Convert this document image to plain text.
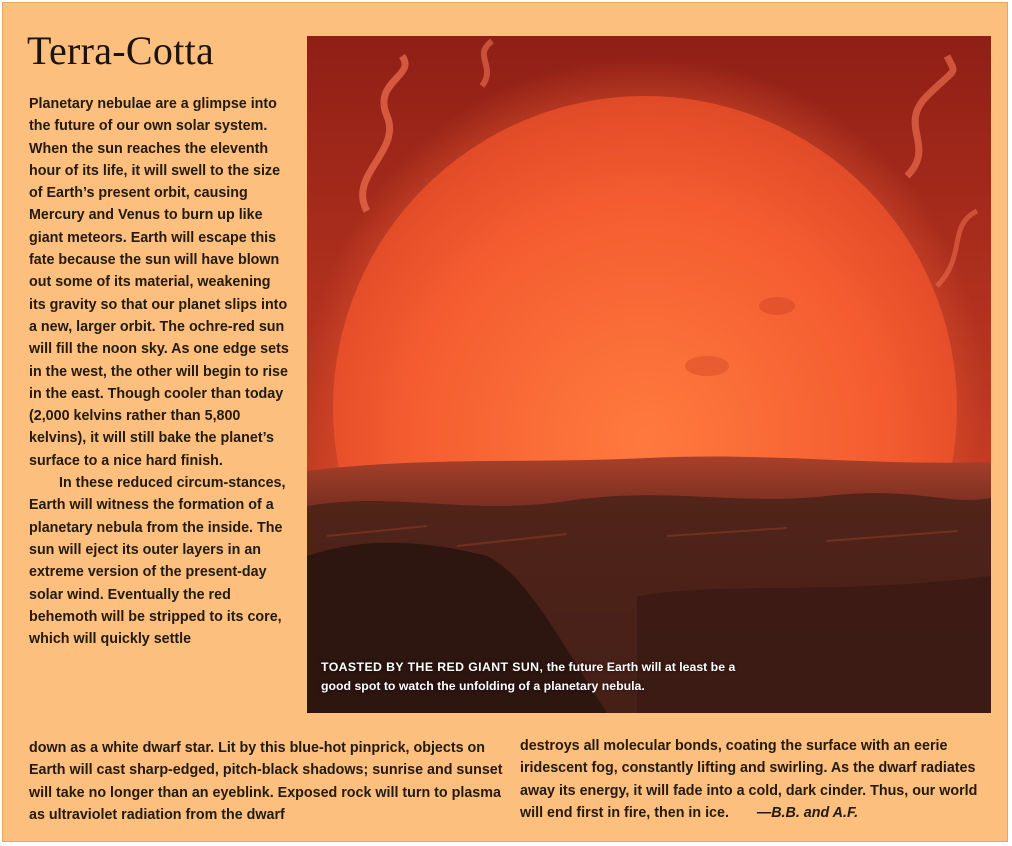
Terra-Cotta

Planetary nebulae are a glimpse into the future of our own solar system. When the sun reaches the eleventh hour of its life, it will swell to the size of Earth’s present orbit, causing Mercury and Venus to burn up like giant meteors. Earth will escape this fate because the sun will have blown out some of its material, weakening its gravity so that our planet slips into a new, larger orbit. The ochre-red sun will fill the noon sky. As one edge sets in the west, the other will begin to rise in the east. Though cooler than today (2,000 kelvins rather than 5,800 kelvins), it will still bake the planet’s surface to a nice hard finish.

In these reduced circum-stances, Earth will witness the formation of a planetary nebula from the inside. The sun will eject its outer layers in an extreme version of the present-day solar wind. Eventually the red behemoth will be stripped to its core, which will quickly settle

TOASTED BY THE RED GIANT SUN, the future Earth will at least be a good spot to watch the unfolding of a planetary nebula.

down as a white dwarf star. Lit by this blue-hot pinprick, objects on Earth will cast sharp-edged, pitch-black shadows; sunrise and sunset will take no longer than an eyeblink. Exposed rock will turn to plasma as ultraviolet radiation from the dwarf

destroys all molecular bonds, coating the surface with an eerie iridescent fog, constantly lifting and swirling. As the dwarf radiates away its energy, it will fade into a cold, dark cinder. Thus, our world will end first in fire, then in ice. —B.B. and A.F.
